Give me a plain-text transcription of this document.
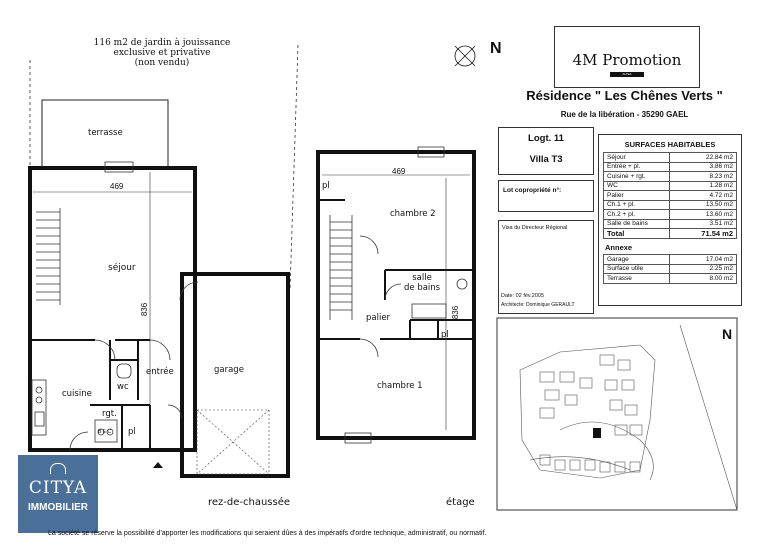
116 m2 de jardin à jouissance
exclusive et privative
(non vendu)
terrasse
469
836
séjour
cuisine
wc
entrée	garage
rgt.
pl
B E C
rez-de-chaussée
469
836
pl
chambre 2
salle
de bains
palier
pl
chambre 1
étage
N
N
4M Promotion
ALTEA
Résidence " Les Chênes Verts "
Rue de la libération - 35290 GAEL
Logt. 11
Villa T3
Lot copropriété n°:
Visa du Directeur Régional
Date: 02 fév.2005
Architecte: Dominique GERAULT
SURFACES HABITABLES
Séjour	22.84 m2
Entrée + pl.	3.86 m2
Cuisine + rgt.	8.23 m2
WC	1.28 m2
Palier	4.72 m2
Ch.1 + pl.	13.50 m2
Ch.2 + pl.	13.60 m2
Salle de bains	3.51 m2
Total	71.54 m2
Annexe
Garage	17.04 m2
Surface utile	2.25 m2
Terrasse	8.00 m2
CITYA
IMMOBILIER
La société se réserve la possibilité d'apporter les modifications qui seraient dûes à des impératifs d'ordre technique, administratif, ou normatif.
